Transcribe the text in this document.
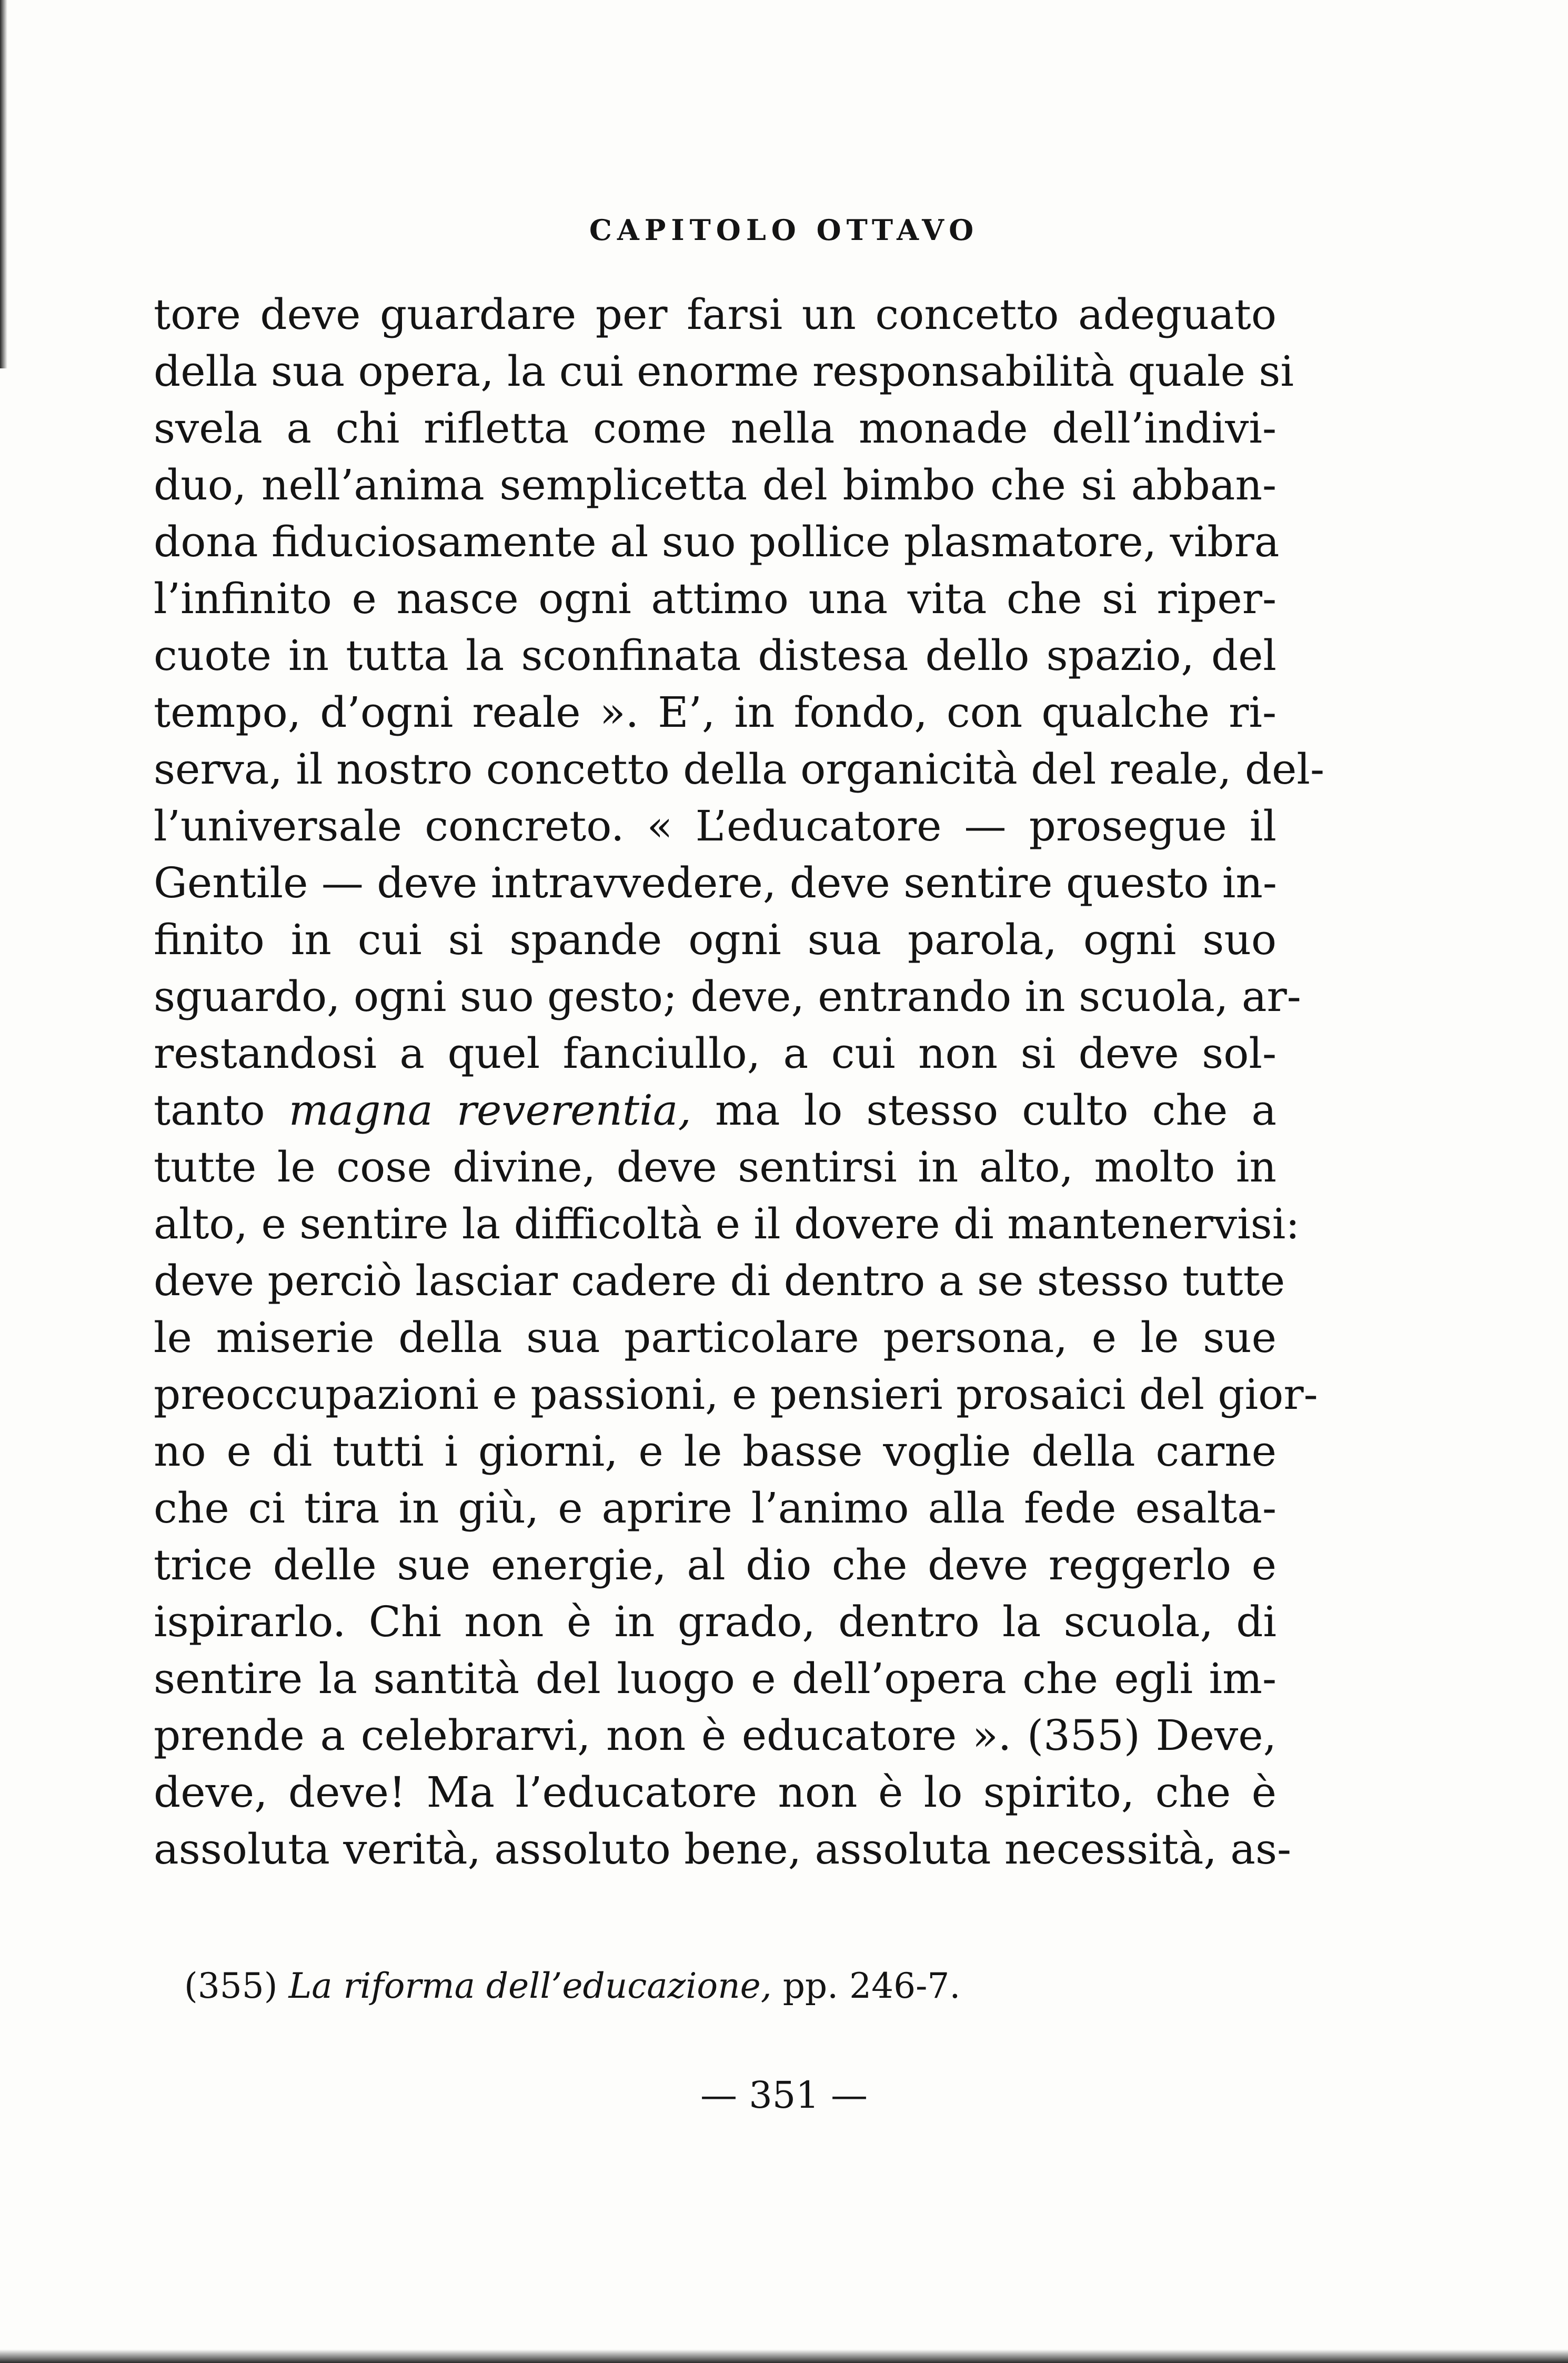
CAPITOLO OTTAVO
tore deve guardare per farsi un concetto adeguato
della sua opera, la cui enorme responsabilità quale si
svela a chi rifletta come nella monade dell’indivi-
duo, nell’anima semplicetta del bimbo che si abban-
dona fiduciosamente al suo pollice plasmatore, vibra
l’infinito e nasce ogni attimo una vita che si riper-
cuote in tutta la sconfinata distesa dello spazio, del
tempo, d’ogni reale ». E’, in fondo, con qualche ri-
serva, il nostro concetto della organicità del reale, del-
l’universale concreto. « L’educatore — prosegue il
Gentile — deve intravvedere, deve sentire questo in-
finito in cui si spande ogni sua parola, ogni suo
sguardo, ogni suo gesto; deve, entrando in scuola, ar-
restandosi a quel fanciullo, a cui non si deve sol-
tanto magna reverentia, ma lo stesso culto che a
tutte le cose divine, deve sentirsi in alto, molto in
alto, e sentire la difficoltà e il dovere di mantenervisi:
deve perciò lasciar cadere di dentro a se stesso tutte
le miserie della sua particolare persona, e le sue
preoccupazioni e passioni, e pensieri prosaici del gior-
no e di tutti i giorni, e le basse voglie della carne
che ci tira in giù, e aprire l’animo alla fede esalta-
trice delle sue energie, al dio che deve reggerlo e
ispirarlo. Chi non è in grado, dentro la scuola, di
sentire la santità del luogo e dell’opera che egli im-
prende a celebrarvi, non è educatore ». (355) Deve,
deve, deve! Ma l’educatore non è lo spirito, che è
assoluta verità, assoluto bene, assoluta necessità, as-
(355) La riforma dell’educazione, pp. 246-7.
— 351 —
